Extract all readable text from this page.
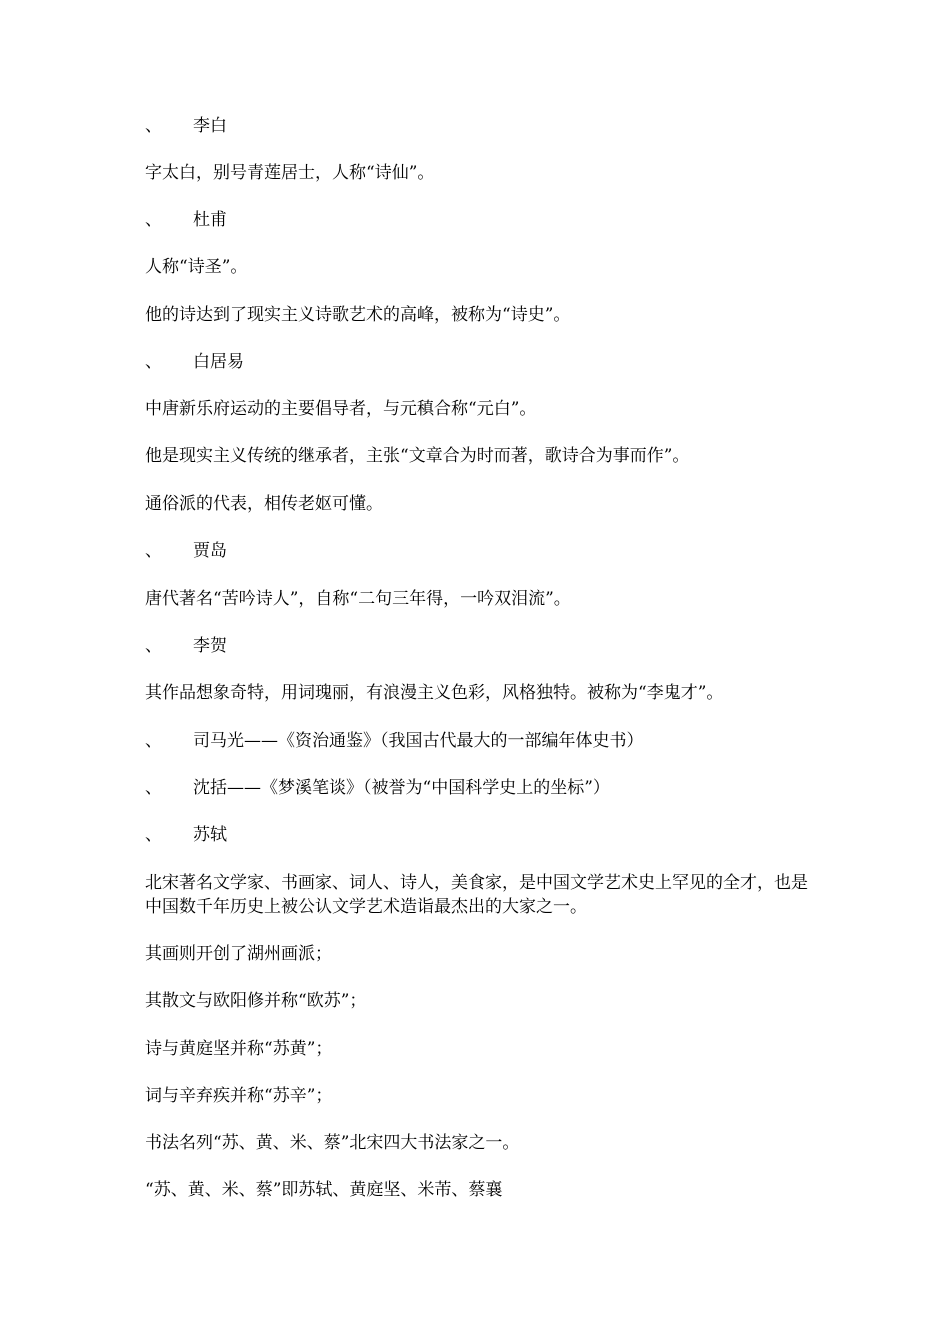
、 李白
字太白，别号青莲居士，人称“诗仙”。
、 杜甫
人称“诗圣”。
他的诗达到了现实主义诗歌艺术的高峰，被称为“诗史”。
、 白居易
中唐新乐府运动的主要倡导者，与元稹合称“元白”。
他是现实主义传统的继承者，主张“文章合为时而著，歌诗合为事而作”。
通俗派的代表，相传老妪可懂。
、 贾岛
唐代著名“苦吟诗人”，自称“二句三年得，一吟双泪流”。
、 李贺
其作品想象奇特，用词瑰丽，有浪漫主义色彩，风格独特。被称为“李鬼才”。
、 司马光——《资治通鉴》（我国古代最大的一部编年体史书）
、 沈括——《梦溪笔谈》（被誉为“中国科学史上的坐标”）
、 苏轼
北宋著名文学家、书画家、词人、诗人，美食家，是中国文学艺术史上罕见的全才，也是中国数千年历史上被公认文学艺术造诣最杰出的大家之一。
其画则开创了湖州画派；
其散文与欧阳修并称“欧苏”；
诗与黄庭坚并称“苏黄”；
词与辛弃疾并称“苏辛”；
书法名列“苏、黄、米、蔡”北宋四大书法家之一。
“苏、黄、米、蔡”即苏轼、黄庭坚、米芾、蔡襄
